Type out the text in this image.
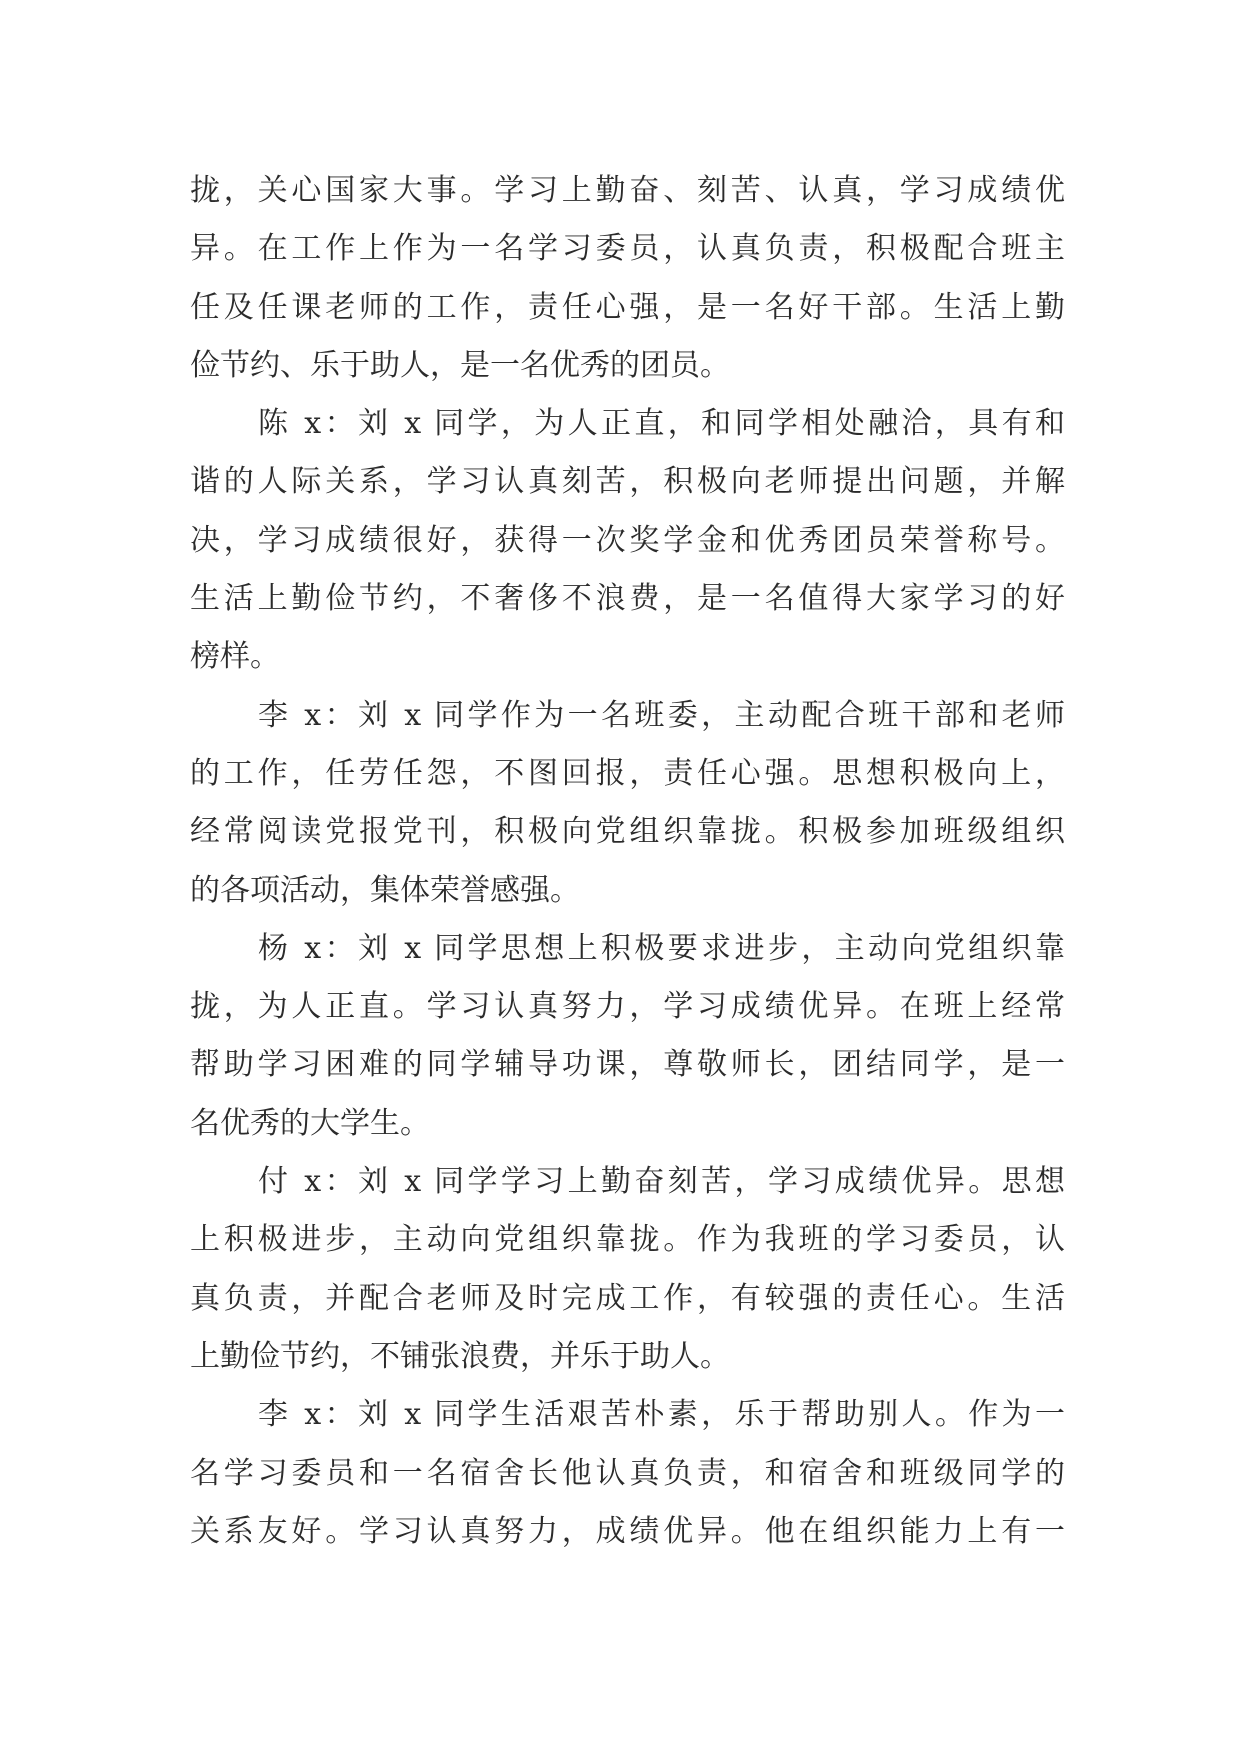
拢，关心国家大事。学习上勤奋、刻苦、认真，学习成绩优
异。在工作上作为一名学习委员，认真负责，积极配合班主
任及任课老师的工作，责任心强，是一名好干部。生活上勤
俭节约、乐于助人，是一名优秀的团员。
陈 x：刘 x 同学，为人正直，和同学相处融洽，具有和
谐的人际关系，学习认真刻苦，积极向老师提出问题，并解
决，学习成绩很好，获得一次奖学金和优秀团员荣誉称号。
生活上勤俭节约，不奢侈不浪费，是一名值得大家学习的好
榜样。
李 x：刘 x 同学作为一名班委，主动配合班干部和老师
的工作，任劳任怨，不图回报，责任心强。思想积极向上，
经常阅读党报党刊，积极向党组织靠拢。积极参加班级组织
的各项活动，集体荣誉感强。
杨 x：刘 x 同学思想上积极要求进步，主动向党组织靠
拢，为人正直。学习认真努力，学习成绩优异。在班上经常
帮助学习困难的同学辅导功课，尊敬师长，团结同学，是一
名优秀的大学生。
付 x：刘 x 同学学习上勤奋刻苦，学习成绩优异。思想
上积极进步，主动向党组织靠拢。作为我班的学习委员，认
真负责，并配合老师及时完成工作，有较强的责任心。生活
上勤俭节约，不铺张浪费，并乐于助人。
李 x：刘 x 同学生活艰苦朴素，乐于帮助别人。作为一
名学习委员和一名宿舍长他认真负责，和宿舍和班级同学的
关系友好。学习认真努力，成绩优异。他在组织能力上有一
